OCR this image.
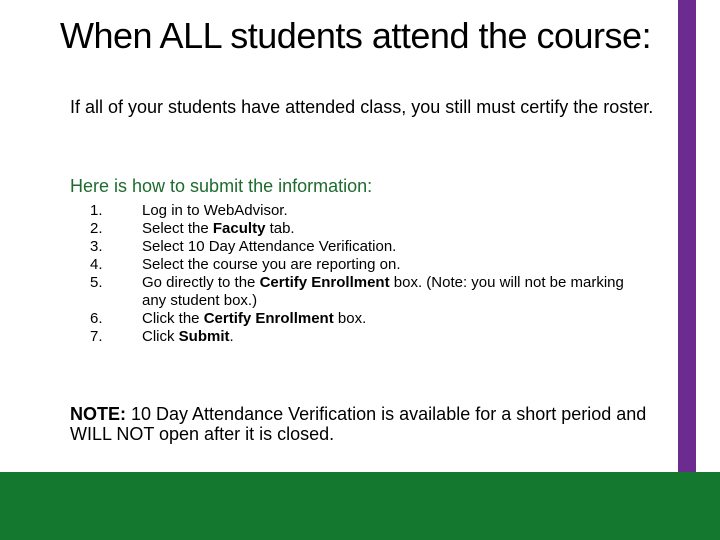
When ALL students attend the course:

If all of your students have attended class, you still must certify the roster.

Here is how to submit the information:

1.	Log in to WebAdvisor.
2.	Select the Faculty tab.
3.	Select 10 Day Attendance Verification.
4.	Select the course you are reporting on.
5.	Go directly to the Certify Enrollment box. (Note: you will not be marking any student box.)
6.	Click the Certify Enrollment box.
7.	Click Submit.

NOTE: 10 Day Attendance Verification is available for a short period and WILL NOT open after it is closed.
